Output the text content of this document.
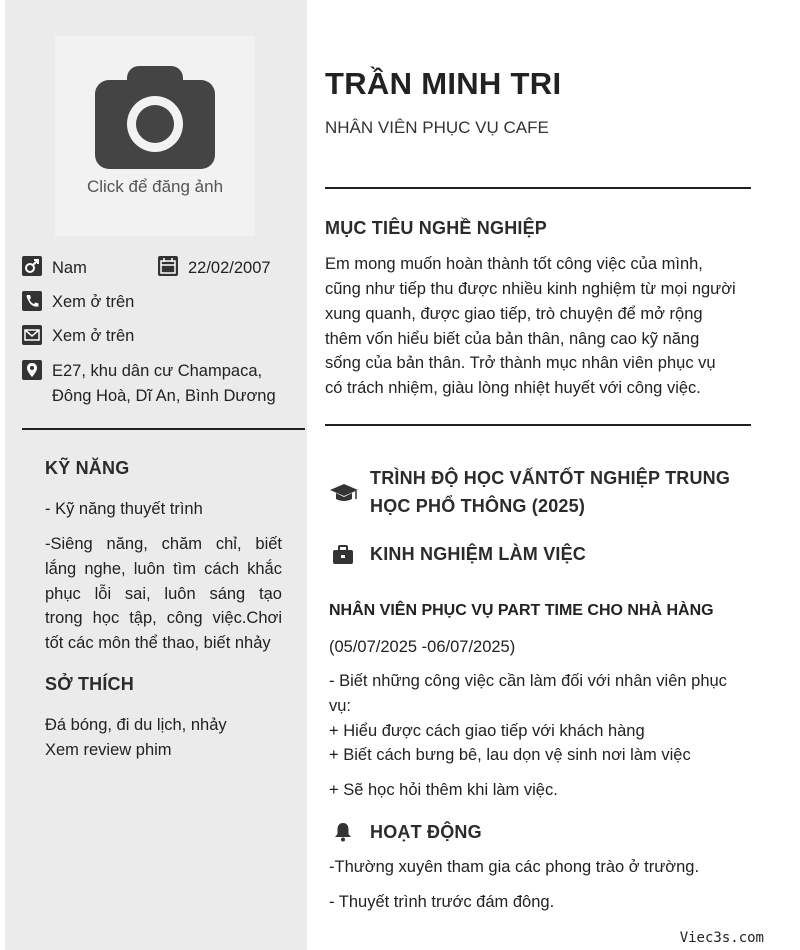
Click để đăng ảnh
Nam	22/02/2007
Xem ở trên
Xem ở trên
E27, khu dân cư Champaca,
Đông Hoà, Dĩ An, Bình Dương
KỸ NĂNG
- Kỹ năng thuyết trình
-Siêng năng, chăm chỉ, biết
lắng nghe, luôn tìm cách khắc
phục lỗi sai, luôn sáng tạo
trong học tập, công việc.Chơi
tốt các môn thể thao, biết nhảy
SỞ THÍCH
Đá bóng, đi du lịch, nhảy
Xem review phim
TRẦN MINH TRI
NHÂN VIÊN PHỤC VỤ CAFE
MỤC TIÊU NGHỀ NGHIỆP
Em mong muốn hoàn thành tốt công việc của mình,
cũng như tiếp thu được nhiều kinh nghiệm từ mọi người
xung quanh, được giao tiếp, trò chuyện để mở rộng
thêm vốn hiểu biết của bản thân, nâng cao kỹ năng
sống của bản thân. Trở thành mục nhân viên phục vụ
có trách nhiệm, giàu lòng nhiệt huyết với công việc.
TRÌNH ĐỘ HỌC VẤNTỐT NGHIỆP TRUNG
HỌC PHỔ THÔNG (2025)
KINH NGHIỆM LÀM VIỆC
NHÂN VIÊN PHỤC VỤ PART TIME CHO NHÀ HÀNG
(05/07/2025 -06/07/2025)
- Biết những công việc cần làm đối với nhân viên phục
vụ:
+ Hiểu được cách giao tiếp với khách hàng
+ Biết cách bưng bê, lau dọn vệ sinh nơi làm việc
+ Sẽ học hỏi thêm khi làm việc.
HOẠT ĐỘNG
-Thường xuyên tham gia các phong trào ở trường.
- Thuyết trình trước đám đông.
Viec3s.com
